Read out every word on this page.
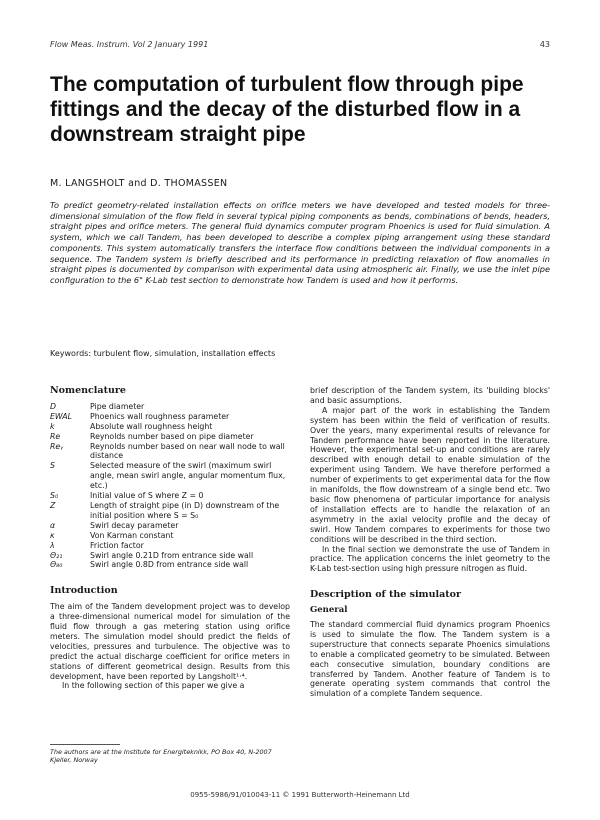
Flow Meas. Instrum. Vol 2 January 1991	43
The computation of turbulent flow through pipe fittings and the decay of the disturbed flow in a downstream straight pipe
M. LANGSHOLT and D. THOMASSEN

To predict geometry-related installation effects on orifice meters we have developed and tested models for three-dimensional simulation of the flow field in several typical piping components as bends, combinations of bends, headers, straight pipes and orifice meters. The general fluid dynamics computer program Phoenics is used for fluid simulation. A system, which we call Tandem, has been developed to describe a complex piping arrangement using these standard components. This system automatically transfers the interface flow conditions between the individual components in a sequence. The Tandem system is briefly described and its performance in predicting relaxation of flow anomalies in straight pipes is documented by comparison with experimental data using atmospheric air. Finally, we use the inlet pipe configuration to the 6" K-Lab test section to demonstrate how Tandem is used and how it performs.

Keywords: turbulent flow, simulation, installation effects
Nomenclature
D	Pipe diameter
EWAL	Phoenics wall roughness parameter
k	Absolute wall roughness height
Re	Reynolds number based on pipe diameter
Reᵧ	Reynolds number based on near wall node to wall distance
S	Selected measure of the swirl (maximum swirl angle, mean swirl angle, angular momentum flux, etc.)
S₀	Initial value of S where Z = 0
Z	Length of straight pipe (in D) downstream of the initial position where S = S₀
α	Swirl decay parameter
κ	Von Karman constant
λ	Friction factor
Θ₂₁	Swirl angle 0.21D from entrance side wall
Θ₈₀	Swirl angle 0.8D from entrance side wall
Introduction

The aim of the Tandem development project was to develop a three-dimensional numerical model for simulation of the fluid flow through a gas metering station using orifice meters. The simulation model should predict the fields of velocities, pressures and turbulence. The objective was to predict the actual discharge coefficient for orifice meters in stations of different geometrical design. Results from this development, have been reported by Langsholt¹·⁴.

In the following section of this paper we give a

brief description of the Tandem system, its 'building blocks' and basic assumptions.

A major part of the work in establishing the Tandem system has been within the field of verification of results. Over the years, many experimental results of relevance for Tandem performance have been reported in the literature. However, the experimental set-up and conditions are rarely described with enough detail to enable simulation of the experiment using Tandem. We have therefore performed a number of experiments to get experimental data for the flow in manifolds, the flow downstream of a single bend etc. Two basic flow phenomena of particular importance for analysis of installation effects are to handle the relaxation of an asymmetry in the axial velocity profile and the decay of swirl. How Tandem compares to experiments for those two conditions will be described in the third section.

In the final section we demonstrate the use of Tandem in practice. The application concerns the inlet geometry to the K-Lab test-section using high pressure nitrogen as fluid.

Description of the simulator
General

The standard commercial fluid dynamics program Phoenics is used to simulate the flow. The Tandem system is a superstructure that connects separate Phoenics simulations to enable a complicated geometry to be simulated. Between each consecutive simulation, boundary conditions are transferred by Tandem. Another feature of Tandem is to generate operating system commands that control the simulation of a complete Tandem sequence.

The authors are at the Institute for Energiteknikk, PO Box 40, N-2007 Kjeller, Norway
0955-5986/91/010043-11 © 1991 Butterworth-Heinemann Ltd
